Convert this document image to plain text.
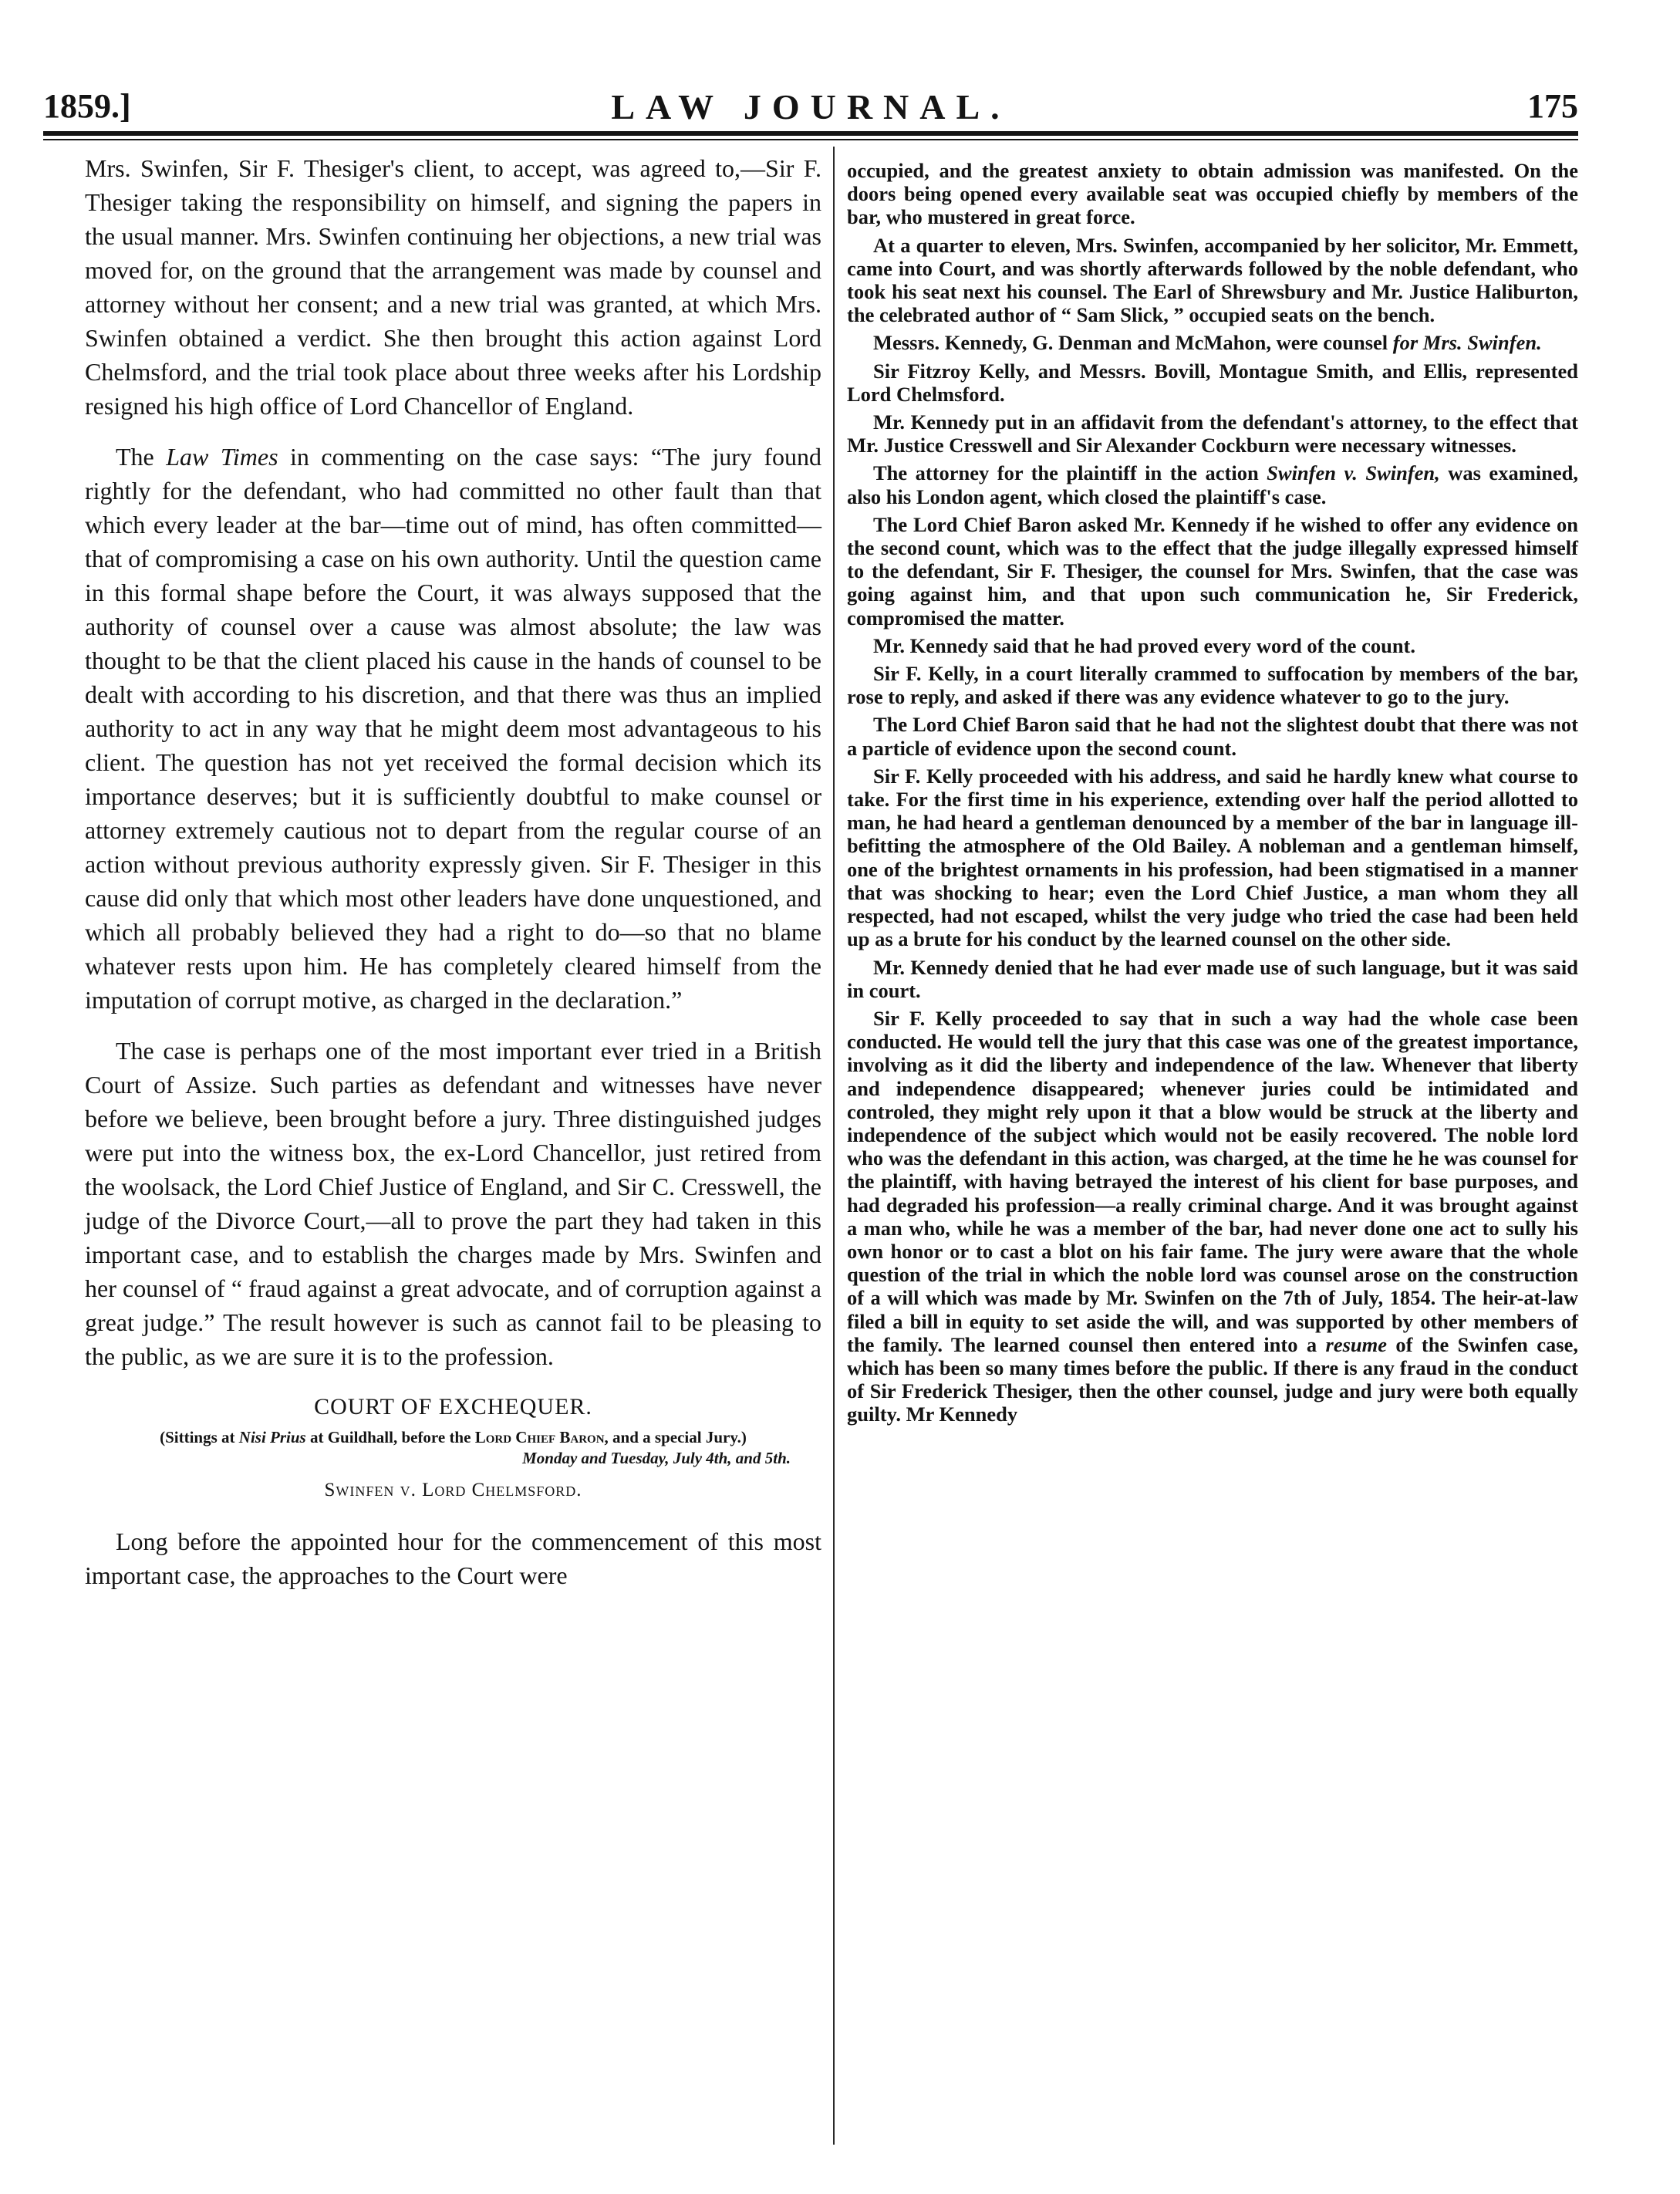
1859.]	LAW JOURNAL.	175

Mrs. Swinfen, Sir F. Thesiger's client, to accept, was agreed to,—Sir F. Thesiger taking the responsibility on himself, and signing the papers in the usual manner. Mrs. Swinfen continuing her objections, a new trial was moved for, on the ground that the arrangement was made by counsel and attorney without her consent; and a new trial was granted, at which Mrs. Swinfen obtained a verdict. She then brought this action against Lord Chelmsford, and the trial took place about three weeks after his Lordship resigned his high office of Lord Chancellor of England.

The Law Times in commenting on the case says: “The jury found rightly for the defendant, who had committed no other fault than that which every leader at the bar—time out of mind, has often committed—that of compromising a case on his own authority. Until the question came in this formal shape before the Court, it was always supposed that the authority of counsel over a cause was almost absolute; the law was thought to be that the client placed his cause in the hands of counsel to be dealt with according to his discretion, and that there was thus an implied authority to act in any way that he might deem most advantageous to his client. The question has not yet received the formal decision which its importance deserves; but it is sufficiently doubtful to make counsel or attorney extremely cautious not to depart from the regular course of an action without previous authority expressly given. Sir F. Thesiger in this cause did only that which most other leaders have done unquestioned, and which all probably believed they had a right to do—so that no blame whatever rests upon him. He has completely cleared himself from the imputation of corrupt motive, as charged in the declaration.”

The case is perhaps one of the most important ever tried in a British Court of Assize. Such parties as defendant and witnesses have never before we believe, been brought before a jury. Three distinguished judges were put into the witness box, the ex-Lord Chancellor, just retired from the woolsack, the Lord Chief Justice of England, and Sir C. Cresswell, the judge of the Divorce Court,—all to prove the part they had taken in this important case, and to establish the charges made by Mrs. Swinfen and her counsel of “ fraud against a great advocate, and of corruption against a great judge.” The result however is such as cannot fail to be pleasing to the public, as we are sure it is to the profession.

COURT OF EXCHEQUER.

(Sittings at Nisi Prius at Guildhall, before the Lord Chief Baron, and a special Jury.)

Monday and Tuesday, July 4th, and 5th.

Swinfen v. Lord Chelmsford.

Long before the appointed hour for the commencement of this most important case, the approaches to the Court were

occupied, and the greatest anxiety to obtain admission was manifested. On the doors being opened every available seat was occupied chiefly by members of the bar, who mustered in great force.

At a quarter to eleven, Mrs. Swinfen, accompanied by her solicitor, Mr. Emmett, came into Court, and was shortly afterwards followed by the noble defendant, who took his seat next his counsel. The Earl of Shrewsbury and Mr. Justice Haliburton, the celebrated author of “ Sam Slick, ” occupied seats on the bench.

Messrs. Kennedy, G. Denman and McMahon, were counsel for Mrs. Swinfen.

Sir Fitzroy Kelly, and Messrs. Bovill, Montague Smith, and Ellis, represented Lord Chelmsford.

Mr. Kennedy put in an affidavit from the defendant's attorney, to the effect that Mr. Justice Cresswell and Sir Alexander Cockburn were necessary witnesses.

The attorney for the plaintiff in the action Swinfen v. Swinfen, was examined, also his London agent, which closed the plaintiff's case.

The Lord Chief Baron asked Mr. Kennedy if he wished to offer any evidence on the second count, which was to the effect that the judge illegally expressed himself to the defendant, Sir F. Thesiger, the counsel for Mrs. Swinfen, that the case was going against him, and that upon such communication he, Sir Frederick, compromised the matter.

Mr. Kennedy said that he had proved every word of the count.

Sir F. Kelly, in a court literally crammed to suffocation by members of the bar, rose to reply, and asked if there was any evidence whatever to go to the jury.

The Lord Chief Baron said that he had not the slightest doubt that there was not a particle of evidence upon the second count.

Sir F. Kelly proceeded with his address, and said he hardly knew what course to take. For the first time in his experience, extending over half the period allotted to man, he had heard a gentleman denounced by a member of the bar in language ill-befitting the atmosphere of the Old Bailey. A nobleman and a gentleman himself, one of the brightest ornaments in his profession, had been stigmatised in a manner that was shocking to hear; even the Lord Chief Justice, a man whom they all respected, had not escaped, whilst the very judge who tried the case had been held up as a brute for his conduct by the learned counsel on the other side.

Mr. Kennedy denied that he had ever made use of such language, but it was said in court.

Sir F. Kelly proceeded to say that in such a way had the whole case been conducted. He would tell the jury that this case was one of the greatest importance, involving as it did the liberty and independence of the law. Whenever that liberty and independence disappeared; whenever juries could be intimidated and controled, they might rely upon it that a blow would be struck at the liberty and independence of the subject which would not be easily recovered. The noble lord who was the defendant in this action, was charged, at the time he he was counsel for the plaintiff, with having betrayed the interest of his client for base purposes, and had degraded his profession—a really criminal charge. And it was brought against a man who, while he was a member of the bar, had never done one act to sully his own honor or to cast a blot on his fair fame. The jury were aware that the whole question of the trial in which the noble lord was counsel arose on the construction of a will which was made by Mr. Swinfen on the 7th of July, 1854. The heir-at-law filed a bill in equity to set aside the will, and was supported by other members of the family. The learned counsel then entered into a resume of the Swinfen case, which has been so many times before the public. If there is any fraud in the conduct of Sir Frederick Thesiger, then the other counsel, judge and jury were both equally guilty. Mr Kennedy
